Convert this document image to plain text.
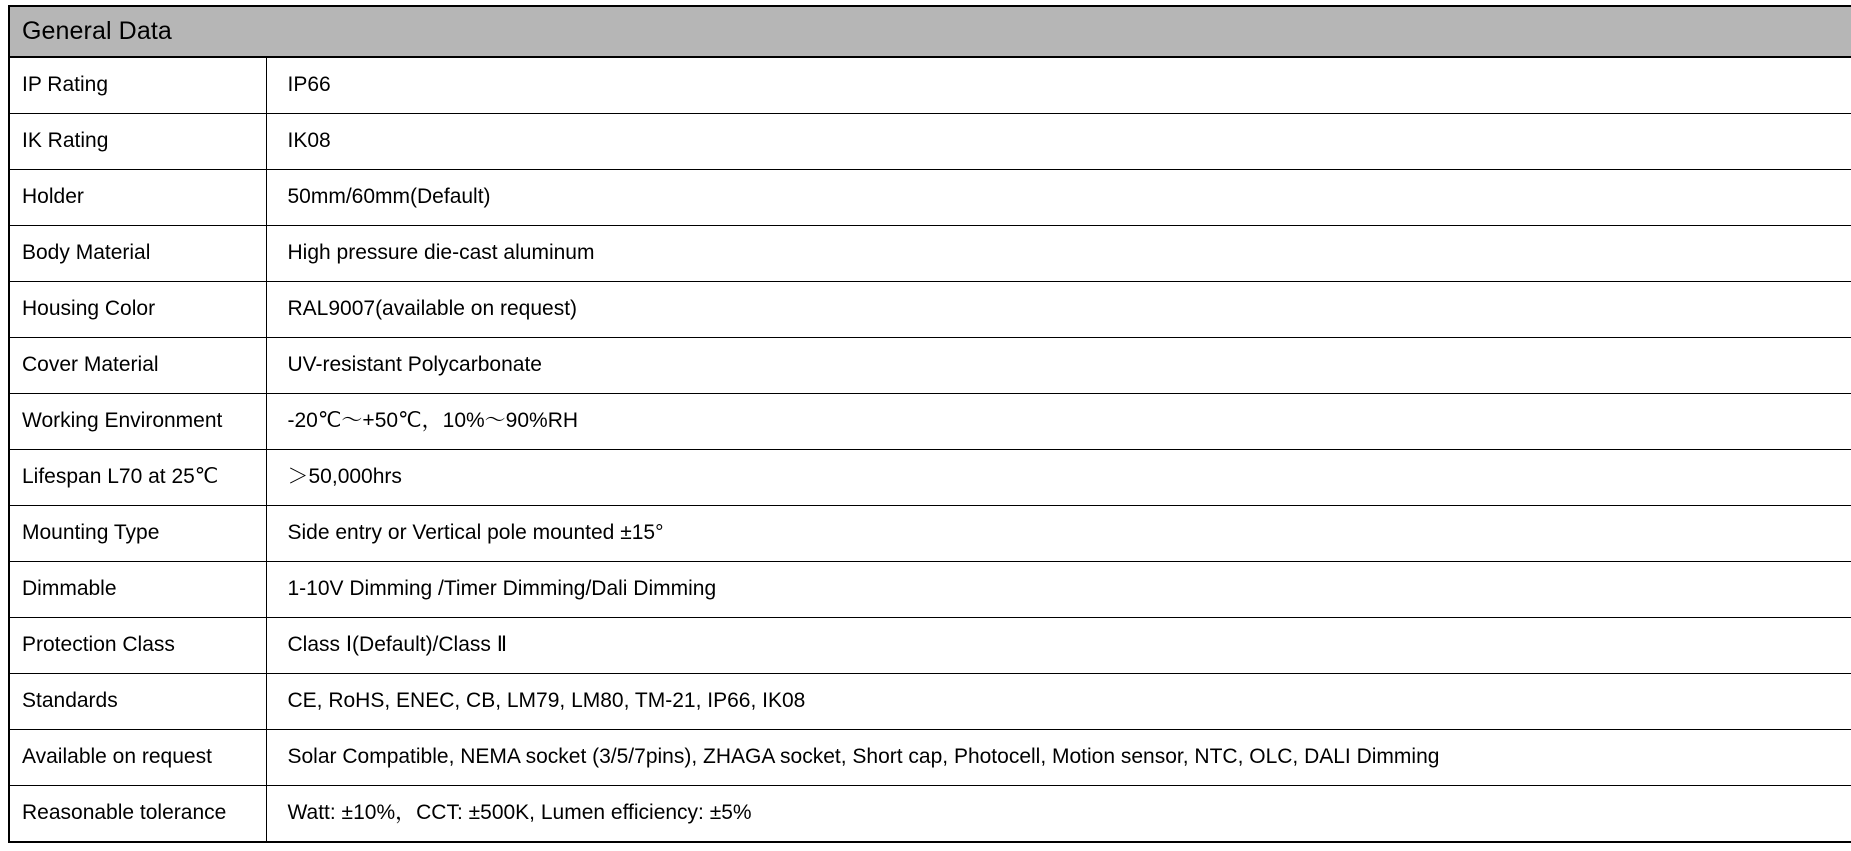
General Data	
IP Rating	IP66
IK Rating	IK08
Holder	50mm/60mm(Default)
Body Material	High pressure die-cast aluminum
Housing Color	RAL9007(available on request)
Cover Material	UV-resistant Polycarbonate
Working Environment	-20℃～+50℃，10%～90%RH
Lifespan L70 at 25℃	＞50,000hrs
Mounting Type	Side entry or Vertical pole mounted ±15°
Dimmable	1-10V Dimming /Timer Dimming/Dali Dimming
Protection Class	Class Ⅰ(Default)/Class Ⅱ
Standards	CE, RoHS, ENEC, CB, LM79, LM80, TM-21, IP66, IK08
Available on request	Solar Compatible, NEMA socket (3/5/7pins), ZHAGA socket, Short cap, Photocell, Motion sensor, NTC, OLC, DALI Dimming
Reasonable tolerance	Watt: ±10%，CCT: ±500K, Lumen efficiency: ±5%
